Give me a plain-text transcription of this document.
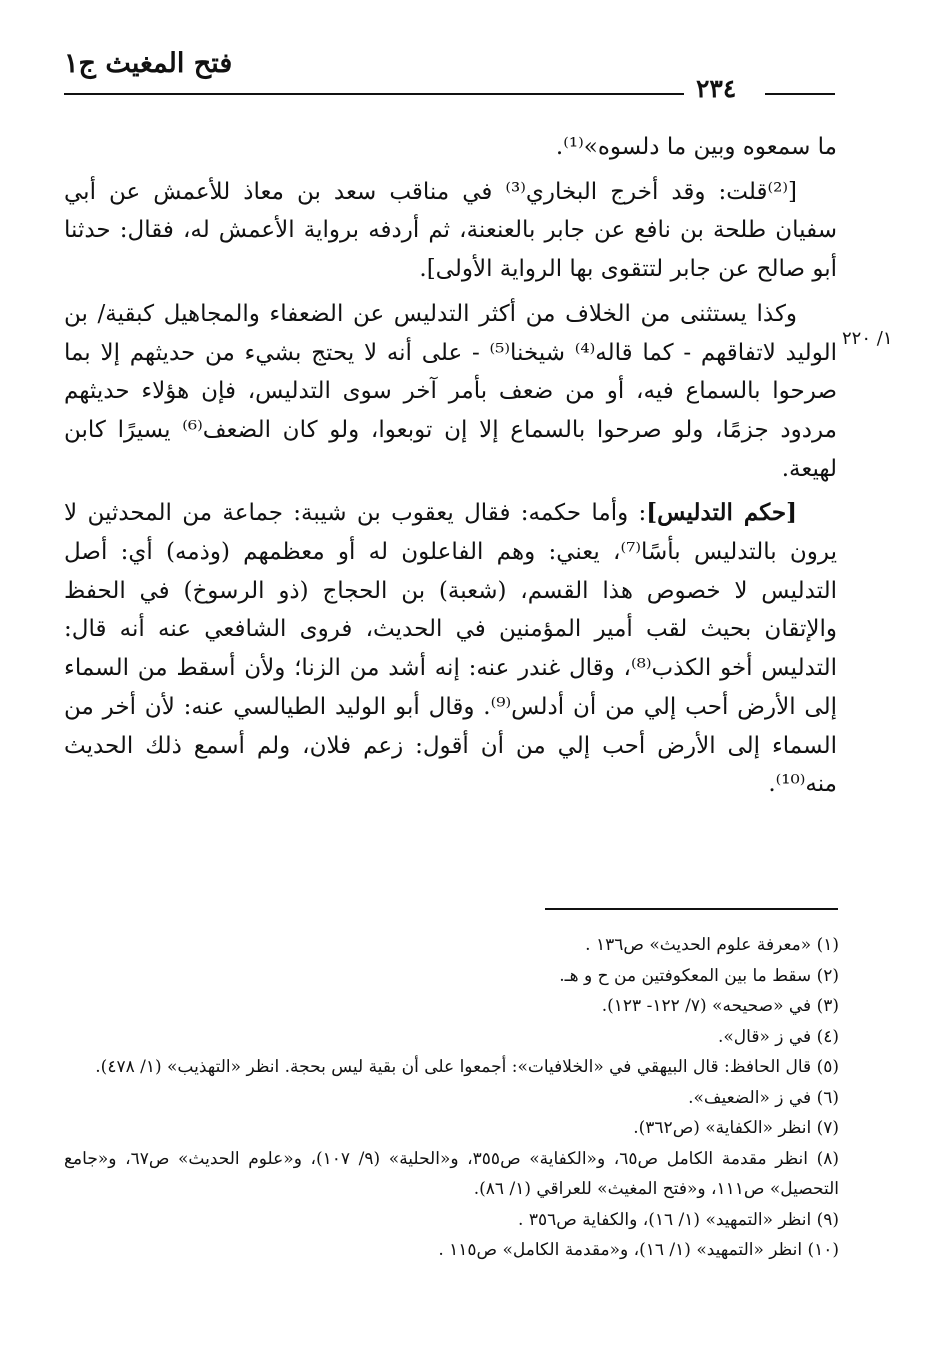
فتح المغيث ج١
٢٣٤
١/ ٢٢٠

ما سمعوه وبين ما دلسوه»⁽¹⁾.

[⁽²⁾قلت: وقد أخرج البخاري⁽³⁾ في مناقب سعد بن معاذ للأعمش عن أبي سفيان طلحة بن نافع عن جابر بالعنعنة، ثم أردفه برواية الأعمش له، فقال: حدثنا أبو صالح عن جابر لتتقوى بها الرواية الأولى].

وكذا يستثنى من الخلاف من أكثر التدليس عن الضعفاء والمجاهيل كبقية/ بن الوليد لاتفاقهم - كما قاله⁽⁴⁾ شيخنا⁽⁵⁾ - على أنه لا يحتج بشيء من حديثهم إلا بما صرحوا بالسماع فيه، أو من ضعف بأمر آخر سوى التدليس، فإن هؤلاء حديثهم مردود جزمًا، ولو صرحوا بالسماع إلا إن توبعوا، ولو كان الضعف⁽⁶⁾ يسيرًا كابن لهيعة.

[حكم التدليس]: وأما حكمه: فقال يعقوب بن شيبة: جماعة من المحدثين لا يرون بالتدليس بأسًا⁽⁷⁾، يعني: وهم الفاعلون له أو معظمهم (وذمه) أي: أصل التدليس لا خصوص هذا القسم، (شعبة) بن الحجاج (ذو الرسوخ) في الحفظ والإتقان بحيث لقب أمير المؤمنين في الحديث، فروى الشافعي عنه أنه قال: التدليس أخو الكذب⁽⁸⁾، وقال غندر عنه: إنه أشد من الزنا؛ ولأن أسقط من السماء إلى الأرض أحب إلي من أن أدلس⁽⁹⁾. وقال أبو الوليد الطيالسي عنه: لأن أخر من السماء إلى الأرض أحب إلي من أن أقول: زعم فلان، ولم أسمع ذلك الحديث منه⁽¹⁰⁾.

(١) «معرفة علوم الحديث» ص١٣٦ .

(٢) سقط ما بين المعكوفتين من ح و هـ.

(٣) في «صحيحه» (٧/ ١٢٢- ١٢٣).

(٤) في ز «قال».

(٥) قال الحافظ: قال البيهقي في «الخلافيات»: أجمعوا على أن بقية ليس بحجة. انظر «التهذيب» (١/ ٤٧٨).

(٦) في ز «الضعيف».

(٧) انظر «الكفاية» (ص٣٦٢).

(٨) انظر مقدمة الكامل ص٦٥، و«الكفاية» ص٣٥٥، و«الحلية» (٩/ ١٠٧)، و«علوم الحديث» ص٦٧، و«جامع التحصيل» ص١١١، و«فتح المغيث» للعراقي (١/ ٨٦).

(٩) انظر «التمهيد» (١/ ١٦)، والكفاية ص٣٥٦ .

(١٠) انظر «التمهيد» (١/ ١٦)، و«مقدمة الكامل» ص١١٥ .
